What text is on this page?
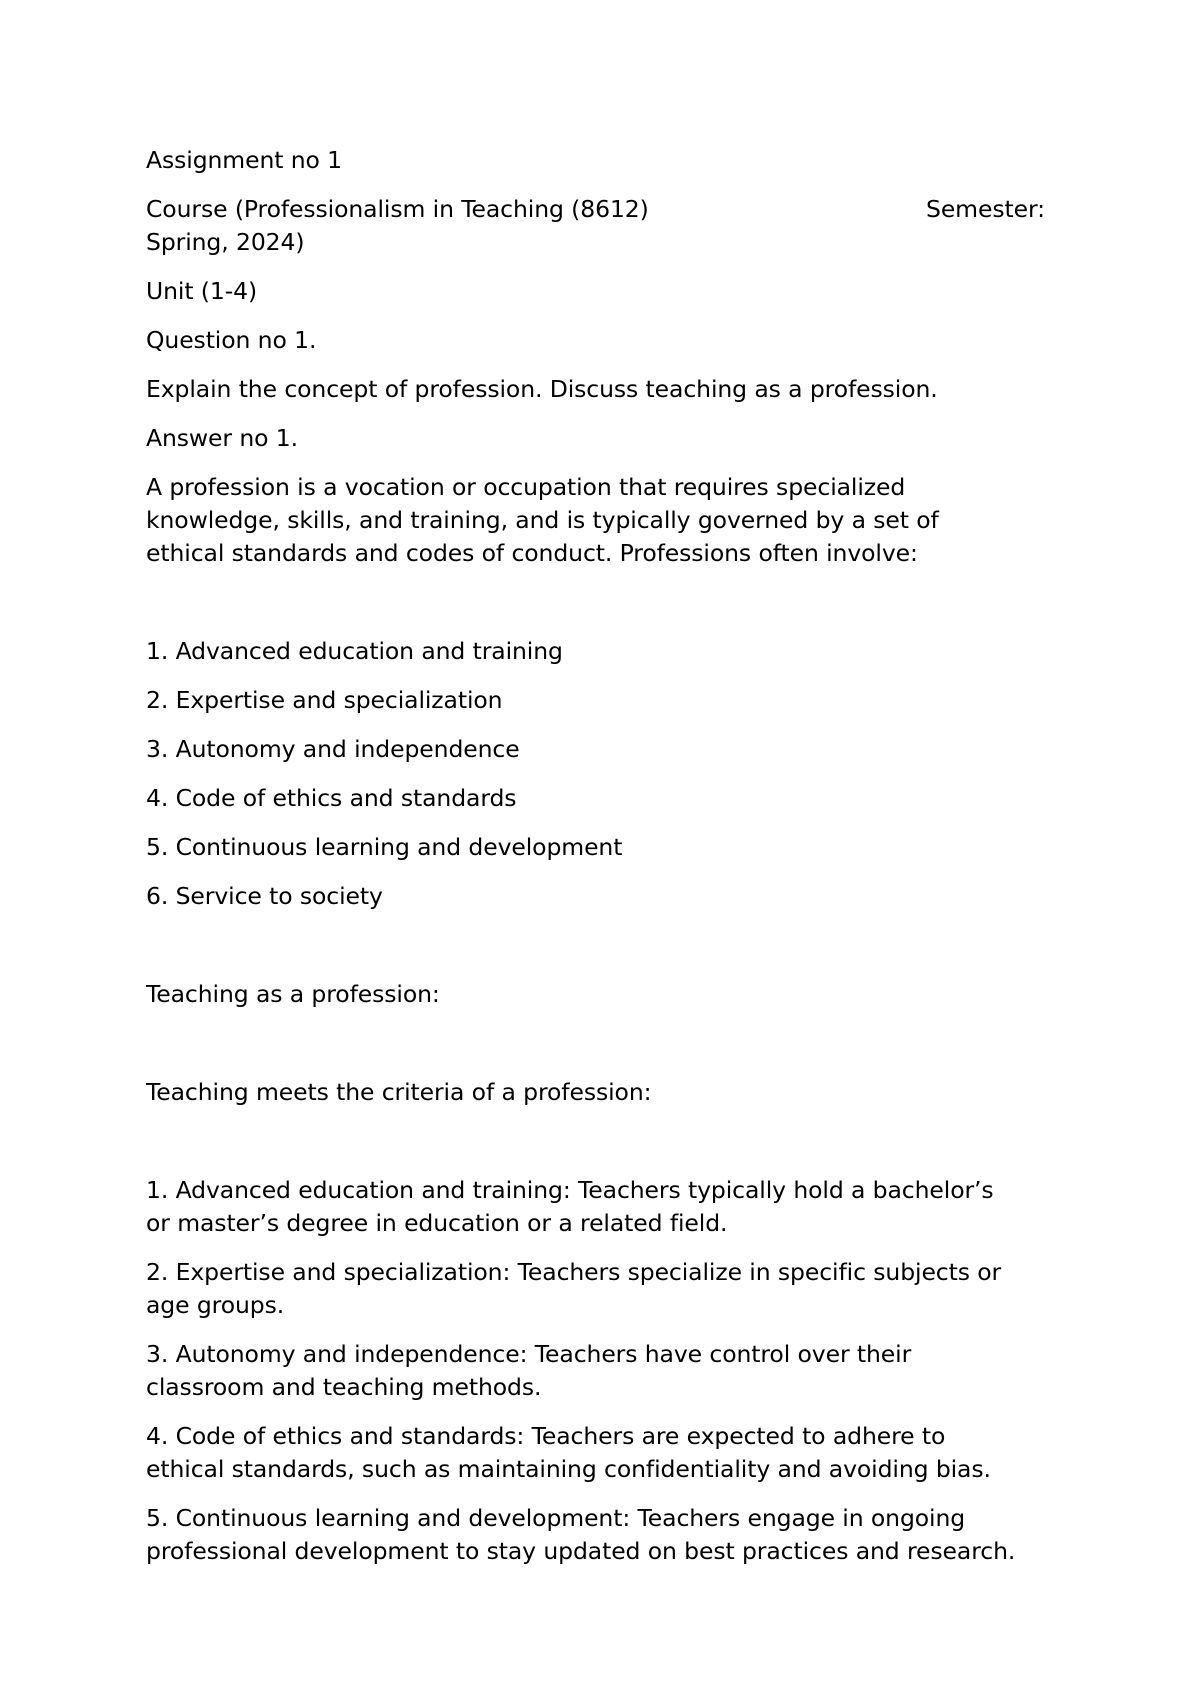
Assignment no 1

Course (Professionalism in Teaching (8612)	Semester:
Spring, 2024)

Unit (1-4)

Question no 1.

Explain the concept of profession. Discuss teaching as a profession.

Answer no 1.

A profession is a vocation or occupation that requires specialized
knowledge, skills, and training, and is typically governed by a set of
ethical standards and codes of conduct. Professions often involve:

1. Advanced education and training

2. Expertise and specialization

3. Autonomy and independence

4. Code of ethics and standards

5. Continuous learning and development

6. Service to society

Teaching as a profession:

Teaching meets the criteria of a profession:

1. Advanced education and training: Teachers typically hold a bachelor’s
or master’s degree in education or a related field.

2. Expertise and specialization: Teachers specialize in specific subjects or
age groups.

3. Autonomy and independence: Teachers have control over their
classroom and teaching methods.

4. Code of ethics and standards: Teachers are expected to adhere to
ethical standards, such as maintaining confidentiality and avoiding bias.

5. Continuous learning and development: Teachers engage in ongoing
professional development to stay updated on best practices and research.
